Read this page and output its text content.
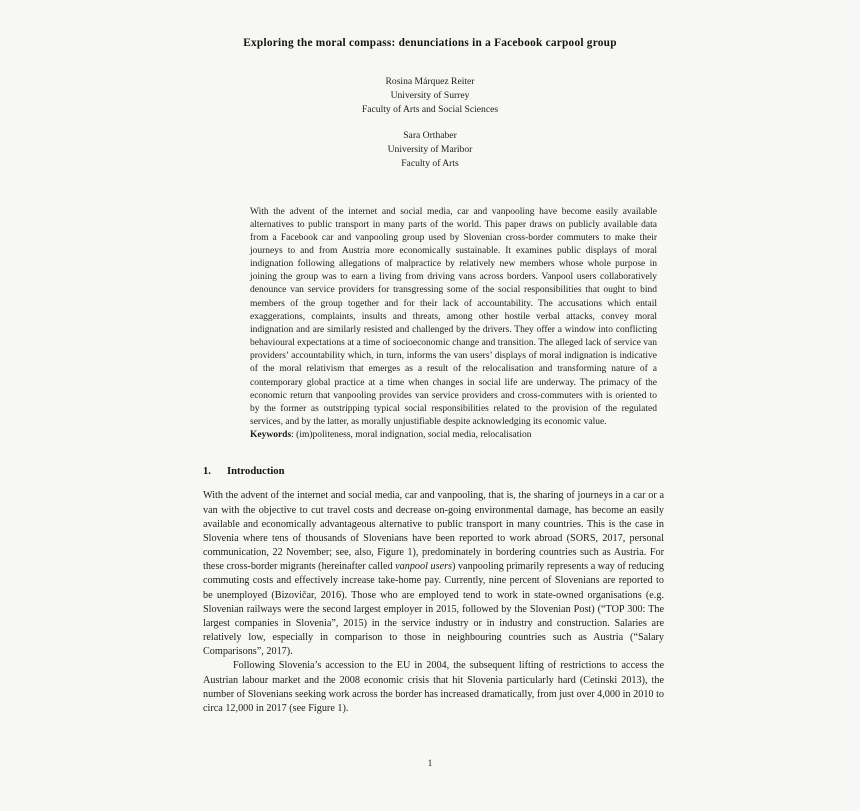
Exploring the moral compass: denunciations in a Facebook carpool group
Rosina Márquez Reiter
University of Surrey
Faculty of Arts and Social Sciences
Sara Orthaber
University of Maribor
Faculty of Arts

With the advent of the internet and social media, car and vanpooling have become easily available alternatives to public transport in many parts of the world. This paper draws on publicly available data from a Facebook car and vanpooling group used by Slovenian cross-border commuters to make their journeys to and from Austria more economically sustainable. It examines public displays of moral indignation following allegations of malpractice by relatively new members whose whole purpose in joining the group was to earn a living from driving vans across borders. Vanpool users collaboratively denounce van service providers for transgressing some of the social responsibilities that ought to bind members of the group together and for their lack of accountability. The accusations which entail exaggerations, complaints, insults and threats, among other hostile verbal attacks, convey moral indignation and are similarly resisted and challenged by the drivers. They offer a window into conflicting behavioural expectations at a time of socioeconomic change and transition. The alleged lack of service van providers’ accountability which, in turn, informs the van users’ displays of moral indignation is indicative of the moral relativism that emerges as a result of the relocalisation and transforming nature of a contemporary global practice at a time when changes in social life are underway. The primacy of the economic return that vanpooling provides van service providers and cross-commuters with is oriented to by the former as outstripping typical social responsibilities related to the provision of the regulated services, and by the latter, as morally unjustifiable despite acknowledging its economic value.

Keywords: (im)politeness, moral indignation, social media, relocalisation

1. Introduction

With the advent of the internet and social media, car and vanpooling, that is, the sharing of journeys in a car or a van with the objective to cut travel costs and decrease on-going environmental damage, has become an easily available and economically advantageous alternative to public transport in many countries. This is the case in Slovenia where tens of thousands of Slovenians have been reported to work abroad (SORS, 2017, personal communication, 22 November; see, also, Figure 1), predominately in bordering countries such as Austria. For these cross-border migrants (hereinafter called vanpool users) vanpooling primarily represents a way of reducing commuting costs and effectively increase take-home pay. Currently, nine percent of Slovenians are reported to be unemployed (Bizovičar, 2016). Those who are employed tend to work in state-owned organisations (e.g. Slovenian railways were the second largest employer in 2015, followed by the Slovenian Post) (“TOP 300: The largest companies in Slovenia”, 2015) in the service industry or in industry and construction. Salaries are relatively low, especially in comparison to those in neighbouring countries such as Austria (“Salary Comparisons”, 2017).

Following Slovenia’s accession to the EU in 2004, the subsequent lifting of restrictions to access the Austrian labour market and the 2008 economic crisis that hit Slovenia particularly hard (Cetinski 2013), the number of Slovenians seeking work across the border has increased dramatically, from just over 4,000 in 2010 to circa 12,000 in 2017 (see Figure 1).

1
